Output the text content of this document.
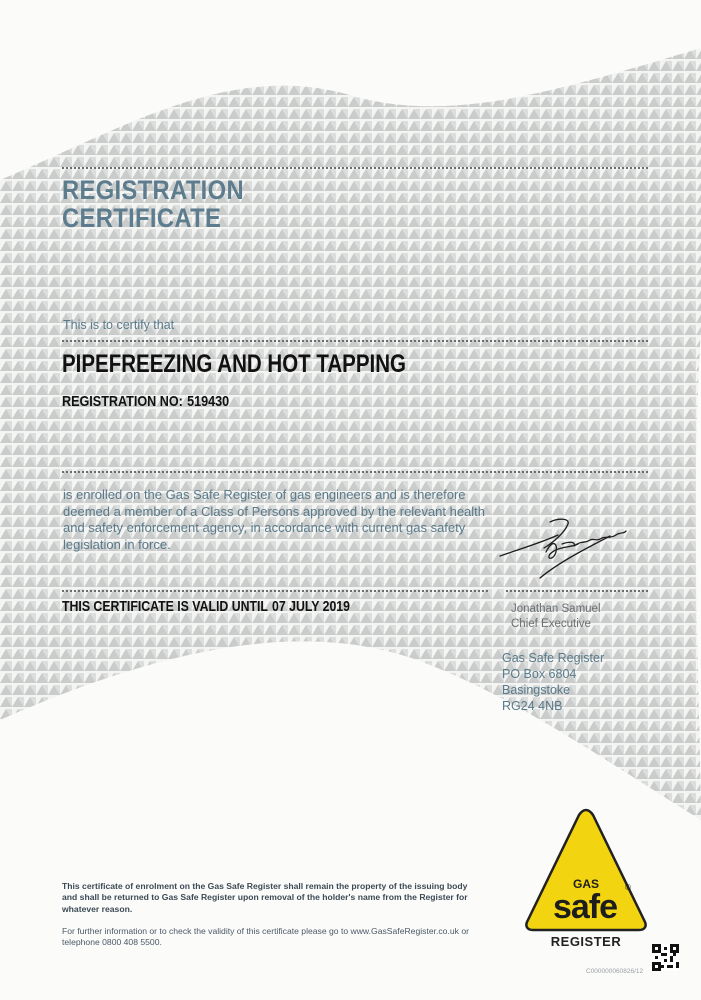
REGISTRATION CERTIFICATE
This is to certify that
PIPEFREEZING AND HOT TAPPING
REGISTRATION NO: 519430
is enrolled on the Gas Safe Register of gas engineers and is therefore deemed a member of a Class of Persons approved by the relevant health and safety enforcement agency, in accordance with current gas safety legislation in force.
THIS CERTIFICATE IS VALID UNTIL 07 JULY 2019	Jonathan Samuel
Chief Executive
Gas Safe Register
PO Box 6804
Basingstoke
RG24 4NB
This certificate of enrolment on the Gas Safe Register shall remain the property of the issuing body and shall be returned to Gas Safe Register upon removal of the holder's name from the Register for whatever reason.
For further information or to check the validity of this certificate please go to www.GasSafeRegister.co.uk or telephone 0800 408 5500.
GAS
safe
®
REGISTER
C000000060826/12
